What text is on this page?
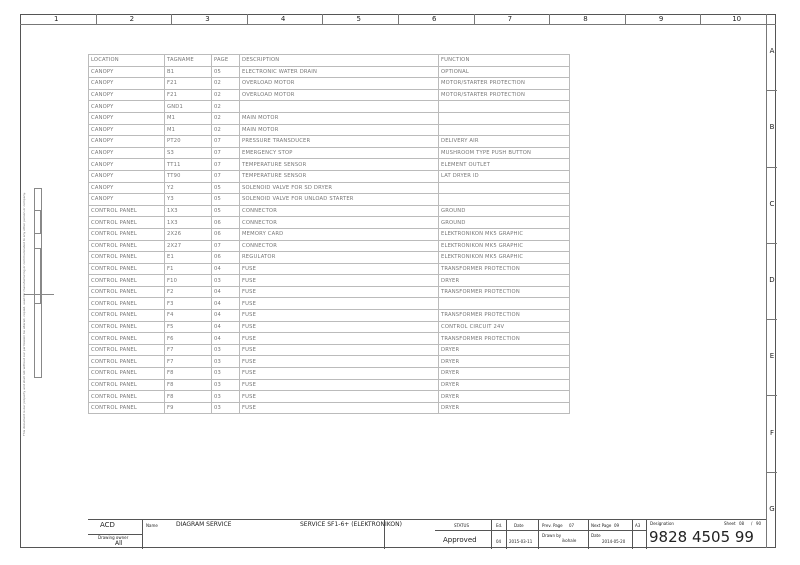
1	2	3	4	5	6	7	8	9	10
A
B
C
D
E
F
G
This document is our property and shall not without our permission be altered, copied, used for manufacturing or communicated to any other person or company.
LOCATION	TAGNAME	PAGE	DESCRIPTION	FUNCTION
CANOPY	B1	05	ELECTRONIC WATER DRAIN	OPTIONAL
CANOPY	F21	02	OVERLOAD MOTOR	MOTOR/STARTER PROTECTION
CANOPY	F21	02	OVERLOAD MOTOR	MOTOR/STARTER PROTECTION
CANOPY	GND1	02		
CANOPY	M1	02	MAIN MOTOR	
CANOPY	M1	02	MAIN MOTOR	
CANOPY	PT20	07	PRESSURE TRANSDUCER	DELIVERY AIR
CANOPY	S3	07	EMERGENCY STOP	MUSHROOM TYPE PUSH BUTTON
CANOPY	TT11	07	TEMPERATURE SENSOR	ELEMENT OUTLET
CANOPY	TT90	07	TEMPERATURE SENSOR	LAT DRYER ID
CANOPY	Y2	05	SOLENOID VALVE FOR SD DRYER	
CANOPY	Y3	05	SOLENOID VALVE FOR UNLOAD STARTER	
CONTROL PANEL	1X3	05	CONNECTOR	GROUND
CONTROL PANEL	1X3	06	CONNECTOR	GROUND
CONTROL PANEL	2X26	06	MEMORY CARD	ELEKTRONIKON MK5 GRAPHIC
CONTROL PANEL	2X27	07	CONNECTOR	ELEKTRONIKON MK5 GRAPHIC
CONTROL PANEL	E1	06	REGULATOR	ELEKTRONIKON MK5 GRAPHIC
CONTROL PANEL	F1	04	FUSE	TRANSFORMER PROTECTION
CONTROL PANEL	F10	03	FUSE	DRYER
CONTROL PANEL	F2	04	FUSE	TRANSFORMER PROTECTION
CONTROL PANEL	F3	04	FUSE	
CONTROL PANEL	F4	04	FUSE	TRANSFORMER PROTECTION
CONTROL PANEL	F5	04	FUSE	CONTROL CIRCUIT 24V
CONTROL PANEL	F6	04	FUSE	TRANSFORMER PROTECTION
CONTROL PANEL	F7	03	FUSE	DRYER
CONTROL PANEL	F7	03	FUSE	DRYER
CONTROL PANEL	F8	03	FUSE	DRYER
CONTROL PANEL	F8	03	FUSE	DRYER
CONTROL PANEL	F8	03	FUSE	DRYER
CONTROL PANEL	F9	03	FUSE	DRYER
ACD
Drawing owner
All
Name	DIAGRAM SERVICE	SERVICE SF1-6+ (ELEKTRONIKON)	STATUS
Approved
Ed.
04
Date
2015-03-11
Prev. Page 07
Drawn by
ikohale
Next Page 09	A3
Date
2014-05-20
Designation
9828 4505 99
Sheet 08 / 90
